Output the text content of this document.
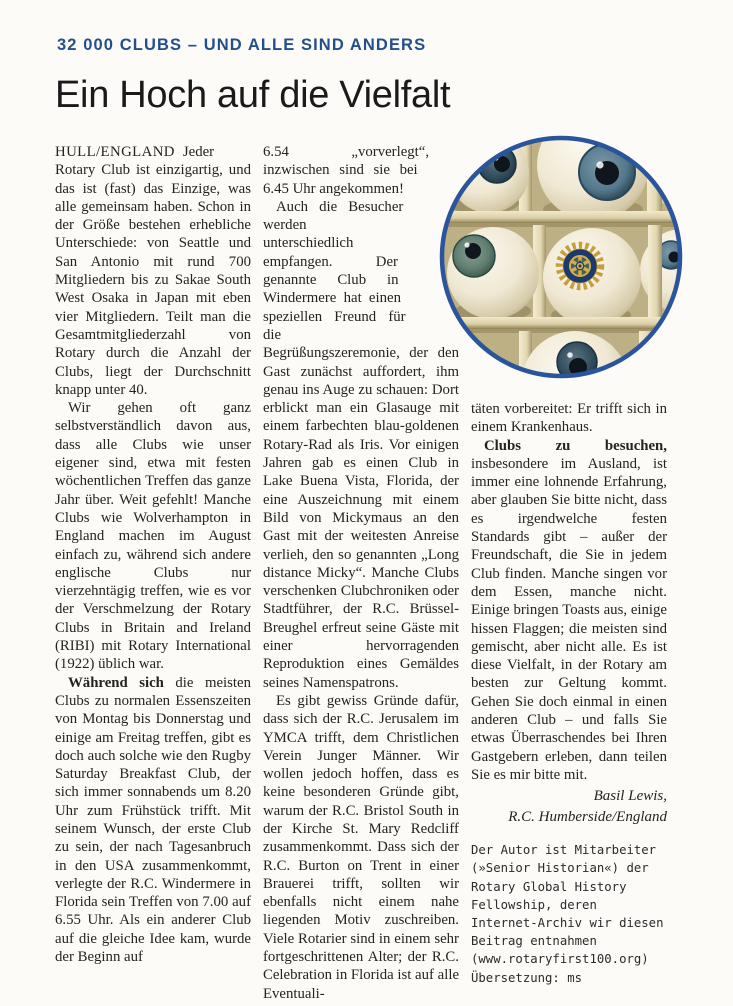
32 000 CLUBS – UND ALLE SIND ANDERS
Ein Hoch auf die Vielfalt

HULL/ENGLAND Jeder Rotary Club ist einzigartig, und das ist (fast) das Einzige, was alle gemeinsam haben. Schon in der Größe bestehen erhebliche Unterschiede: von Seattle und San Antonio mit rund 700 Mitgliedern bis zu Sakae South West Osaka in Japan mit eben vier Mitgliedern. Teilt man die Gesamtmitgliederzahl von Rotary durch die Anzahl der Clubs, liegt der Durchschnitt knapp unter 40.

Wir gehen oft ganz selbstverständlich davon aus, dass alle Clubs wie unser eigener sind, etwa mit festen wöchentlichen Treffen das ganze Jahr über. Weit gefehlt! Manche Clubs wie Wolverhampton in England machen im August einfach zu, während sich andere englische Clubs nur vierzehntägig treffen, wie es vor der Verschmelzung der Rotary Clubs in Britain and Ireland (RIBI) mit Rotary International (1922) üblich war.

Während sich die meisten Clubs zu normalen Essenszeiten von Montag bis Donnerstag und einige am Freitag treffen, gibt es doch auch solche wie den Rugby Saturday Breakfast Club, der sich immer sonnabends um 8.20 Uhr zum Frühstück trifft. Mit seinem Wunsch, der erste Club zu sein, der nach Tagesanbruch in den USA zusammenkommt, verlegte der R.C. Windermere in Florida sein Treffen von 7.00 auf 6.55 Uhr. Als ein anderer Club auf die gleiche Idee kam, wurde der Beginn auf

6.54 „vorverlegt“, inzwischen sind sie bei 6.45 Uhr angekommen!

Auch die Besucher werden unterschiedlich empfangen. Der genannte Club in Windermere hat einen speziellen Freund für die Begrüßungszeremonie, der den Gast zunächst auffordert, ihm genau ins Auge zu schauen: Dort erblickt man ein Glasauge mit einem farbechten blau-goldenen Rotary-Rad als Iris. Vor einigen Jahren gab es einen Club in Lake Buena Vista, Florida, der eine Auszeichnung mit einem Bild von Mickymaus an den Gast mit der weitesten Anreise verlieh, den so genannten „Long distance Micky“. Manche Clubs verschenken Clubchroniken oder Stadtführer, der R.C. Brüssel-Breughel erfreut seine Gäste mit einer hervorragenden Reproduktion eines Gemäldes seines Namenspatrons.

Es gibt gewiss Gründe dafür, dass sich der R.C. Jerusalem im YMCA trifft, dem Christlichen Verein Junger Männer. Wir wollen jedoch hoffen, dass es keine besonderen Gründe gibt, warum der R.C. Bristol South in der Kirche St. Mary Redcliff zusammenkommt. Dass sich der R.C. Burton on Trent in einer Brauerei trifft, sollten wir ebenfalls nicht einem nahe liegenden Motiv zuschreiben. Viele Rotarier sind in einem sehr fortgeschrittenen Alter; der R.C. Celebration in Florida ist auf alle Eventuali-

täten vorbereitet: Er trifft sich in einem Krankenhaus.

Clubs zu besuchen, insbesondere im Ausland, ist immer eine lohnende Erfahrung, aber glauben Sie bitte nicht, dass es irgendwelche festen Standards gibt – außer der Freundschaft, die Sie in jedem Club finden. Manche singen vor dem Essen, manche nicht. Einige bringen Toasts aus, einige hissen Flaggen; die meisten sind gemischt, aber nicht alle. Es ist diese Vielfalt, in der Rotary am besten zur Geltung kommt. Gehen Sie doch einmal in einen anderen Club – und falls Sie etwas Überraschendes bei Ihren Gastgebern erleben, dann teilen Sie es mir bitte mit.

Basil Lewis,
R.C. Humberside/England

Der Autor ist Mitarbeiter (»Senior Historian«) der Rotary Global History Fellowship, deren Internet-Archiv wir diesen Beitrag entnahmen (www.rotaryfirst100.org)

Übersetzung: ms
